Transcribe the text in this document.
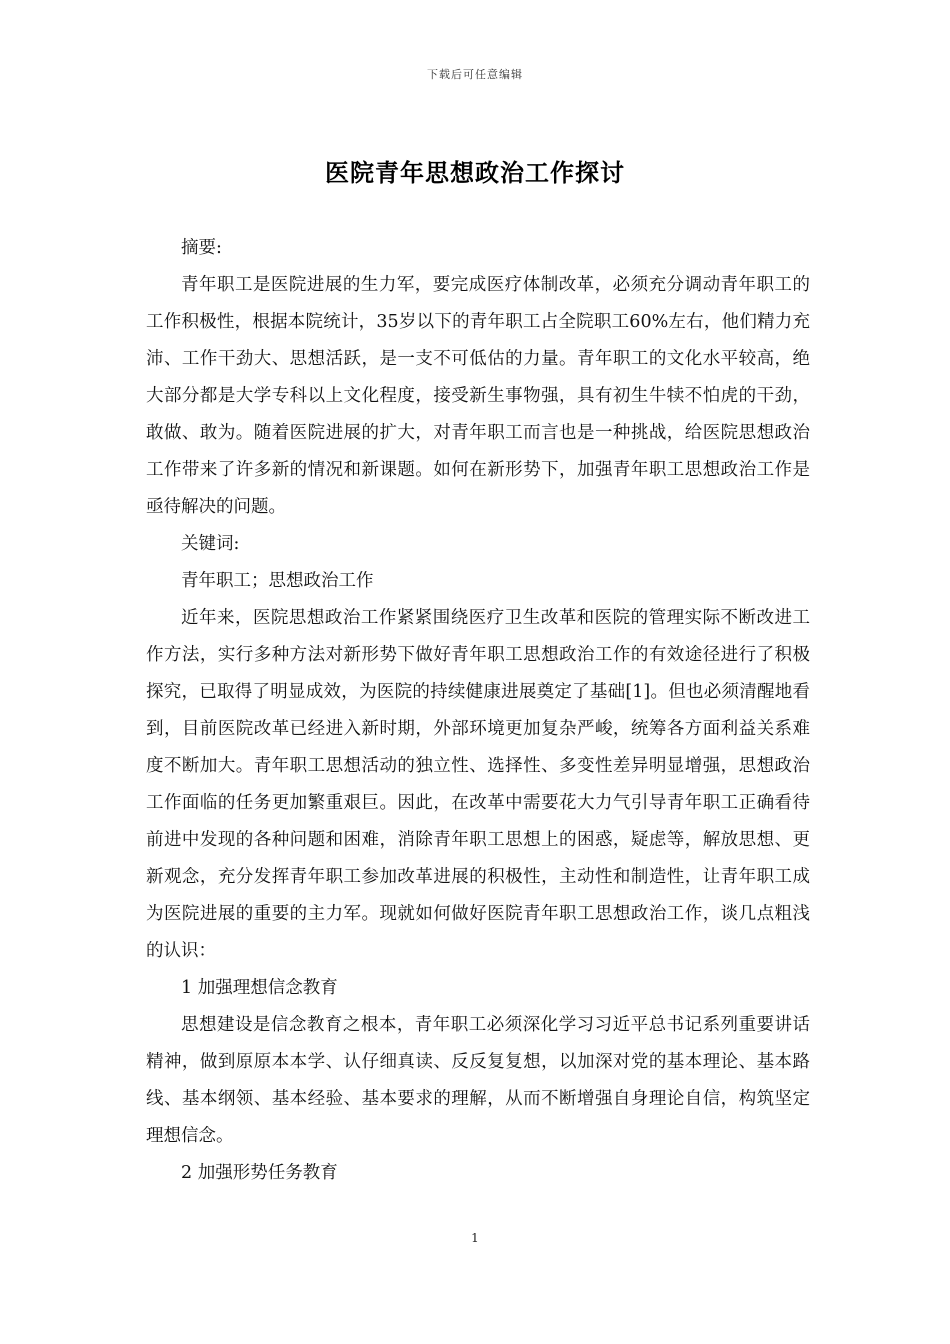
下载后可任意编辑
医院青年思想政治工作探讨

摘要:

青年职工是医院进展的生力军，要完成医疗体制改革，必须充分调动青年职工的工作积极性，根据本院统计，35岁以下的青年职工占全院职工60%左右，他们精力充沛、工作干劲大、思想活跃，是一支不可低估的力量。青年职工的文化水平较高，绝大部分都是大学专科以上文化程度，接受新生事物强，具有初生牛犊不怕虎的干劲，敢做、敢为。随着医院进展的扩大，对青年职工而言也是一种挑战，给医院思想政治工作带来了许多新的情况和新课题。如何在新形势下，加强青年职工思想政治工作是亟待解决的问题。

关键词:

青年职工；思想政治工作

近年来，医院思想政治工作紧紧围绕医疗卫生改革和医院的管理实际不断改进工作方法，实行多种方法对新形势下做好青年职工思想政治工作的有效途径进行了积极探究，已取得了明显成效，为医院的持续健康进展奠定了基础[1]。但也必须清醒地看到，目前医院改革已经进入新时期，外部环境更加复杂严峻，统筹各方面利益关系难度不断加大。青年职工思想活动的独立性、选择性、多变性差异明显增强，思想政治工作面临的任务更加繁重艰巨。因此，在改革中需要花大力气引导青年职工正确看待前进中发现的各种问题和困难，消除青年职工思想上的困惑，疑虑等，解放思想、更新观念，充分发挥青年职工参加改革进展的积极性，主动性和制造性，让青年职工成为医院进展的重要的主力军。现就如何做好医院青年职工思想政治工作，谈几点粗浅的认识：

1 加强理想信念教育

思想建设是信念教育之根本，青年职工必须深化学习习近平总书记系列重要讲话精神，做到原原本本学、认仔细真读、反反复复想，以加深对党的基本理论、基本路线、基本纲领、基本经验、基本要求的理解，从而不断增强自身理论自信，构筑坚定理想信念。

2 加强形势任务教育

1
